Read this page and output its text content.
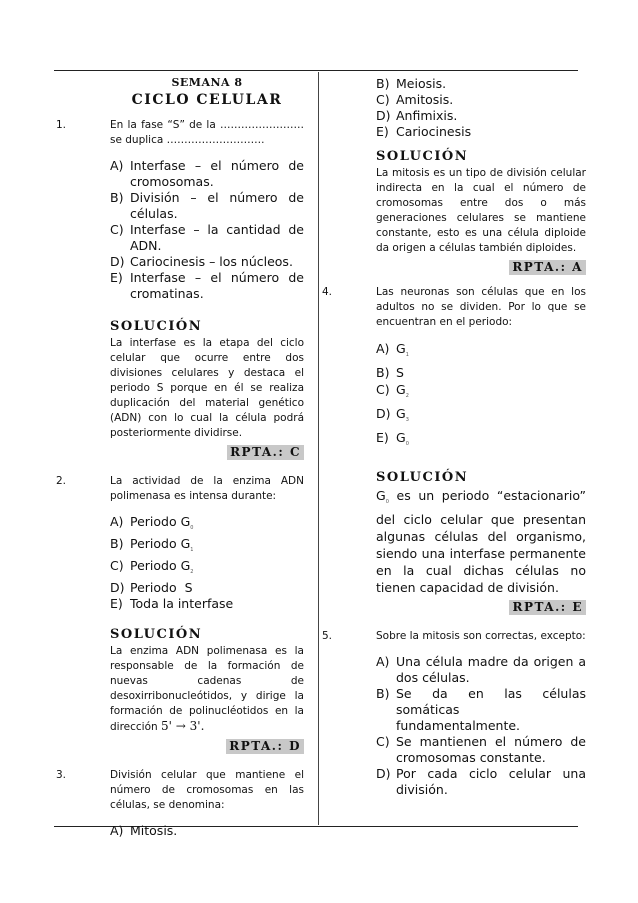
SEMANA 8
CICLO CELULAR
1.	En la fase “S” de la …………………… se duplica ……………………….
A) Interfase – el número de cromosomas.
B) División – el número de células.
C) Interfase – la cantidad de ADN.
D) Cariocinesis – los núcleos.
E) Interfase – el número de cromatinas.
SOLUCIÓN
La interfase es la etapa del ciclo celular que ocurre entre dos divisiones celulares y destaca el periodo S porque en él se realiza duplicación del material genético (ADN) con lo cual la célula podrá posteriormente dividirse.
RPTA.: C
2.	La actividad de la enzima ADN polimenasa es intensa durante:
A) Periodo $G_0$
B) Periodo $G_1$
C) Periodo $G_2$
D) Periodo  S
E) Toda la interfase
SOLUCIÓN
La enzima ADN polimenasa es la responsable de la formación de nuevas cadenas de desoxirribonucleótidos, y dirige la formación de polinucléotidos en la dirección 5' → 3'.
RPTA.: D
3.	División celular que mantiene el número de cromosomas en las células, se denomina:
A) Mitosis.
B) Meiosis.
C) Amitosis.
D) Anfimixis.
E) Cariocinesis
SOLUCIÓN
La mitosis es un tipo de división celular indirecta en la cual el número de cromosomas entre dos o más generaciones celulares se mantiene constante, esto es una célula diploide da origen a células también diploides.
RPTA.: A
4.	Las neuronas son células que en los adultos no se dividen. Por lo que se encuentran en el periodo:
A) $G_1$
B) S
C) $G_2$
D) $G_3$
E) $G_0$
SOLUCIÓN
$G_0$ es un periodo “estacionario” del ciclo celular que presentan algunas células del organismo, siendo una interfase permanente en la cual dichas células no tienen capacidad de división.
RPTA.: E
5.	Sobre la mitosis son correctas, excepto:
A) Una célula madre da origen a dos células.
B) Se da en las células somáticas fundamentalmente.
C) Se mantienen el número de cromosomas constante.
D) Por cada ciclo celular una división.
